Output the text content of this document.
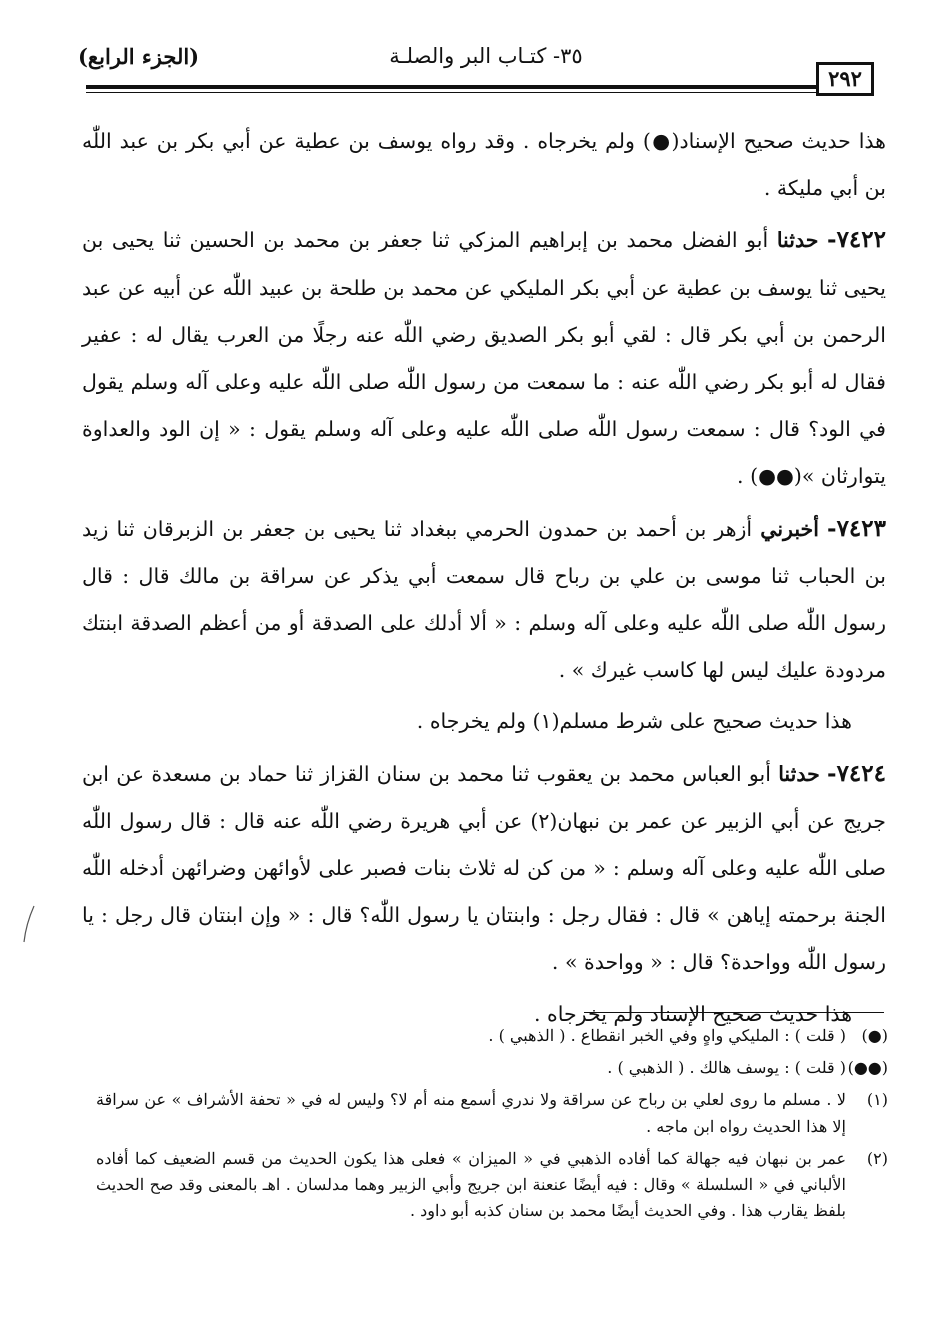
٢٩٢
٣٥- كتـاب البر والصلـة
(الجزء الرابع)

هذا حديث صحيح الإسناد(●) ولم يخرجاه . وقد رواه يوسف بن عطية عن أبي بكر بن عبد اللّٰه بن أبي مليكة .

٧٤٢٢- حدثنا أبو الفضل محمد بن إبراهيم المزكي ثنا جعفر بن محمد بن الحسين ثنا يحيى بن يحيى ثنا يوسف بن عطية عن أبي بكر المليكي عن محمد بن طلحة بن عبيد اللّٰه عن أبيه عن عبد الرحمن بن أبي بكر قال : لقي أبو بكر الصديق رضي اللّٰه عنه رجلًا من العرب يقال له : عفير فقال له أبو بكر رضي اللّٰه عنه : ما سمعت من رسول اللّٰه صلى اللّٰه عليه وعلى آله وسلم يقول في الود؟ قال : سمعت رسول اللّٰه صلى اللّٰه عليه وعلى آله وسلم يقول : « إن الود والعداوة يتوارثان »(●●) .

٧٤٢٣- أخبرني أزهر بن أحمد بن حمدون الحرمي ببغداد ثنا يحيى بن جعفر بن الزبرقان ثنا زيد بن الحباب ثنا موسى بن علي بن رباح قال سمعت أبي يذكر عن سراقة بن مالك قال : قال رسول اللّٰه صلى اللّٰه عليه وعلى آله وسلم : « ألا أدلك على الصدقة أو من أعظم الصدقة ابنتك مردودة عليك ليس لها كاسب غيرك » .

هذا حديث صحيح على شرط مسلم(١) ولم يخرجاه .

٧٤٢٤- حدثنا أبو العباس محمد بن يعقوب ثنا محمد بن سنان القزاز ثنا حماد بن مسعدة عن ابن جريج عن أبي الزبير عن عمر بن نبهان(٢) عن أبي هريرة رضي اللّٰه عنه قال : قال رسول اللّٰه صلى اللّٰه عليه وعلى آله وسلم : « من كن له ثلاث بنات فصبر على لأوائهن وضرائهن أدخله اللّٰه الجنة برحمته إياهن » قال : فقال رجل : وابنتان يا رسول اللّٰه؟ قال : « وإن ابنتان قال رجل : يا رسول اللّٰه وواحدة؟ قال : « وواحدة » .

هذا حديث صحيح الإسناد ولم يخرجاه .

(●)
( قلت ) : المليكي واهٍ وفي الخبر انقطاع . ( الذهبي ) .
(●●)
( قلت ) : يوسف هالك . ( الذهبي ) .
(١)
لا . مسلم ما روى لعلي بن رباح عن سراقة ولا ندري أسمع منه أم لا؟ وليس له في « تحفة الأشراف » عن سراقة إلا هذا الحديث رواه ابن ماجه .
(٢)
عمر بن نبهان فيه جهالة كما أفاده الذهبي في « الميزان » فعلى هذا يكون الحديث من قسم الضعيف كما أفاده الألباني في « السلسلة » وقال : فيه أيضًا عنعنة ابن جريج وأبي الزبير وهما مدلسان . اهـ بالمعنى وقد صح الحديث بلفظ يقارب هذا . وفي الحديث أيضًا محمد بن سنان كذبه أبو داود .
